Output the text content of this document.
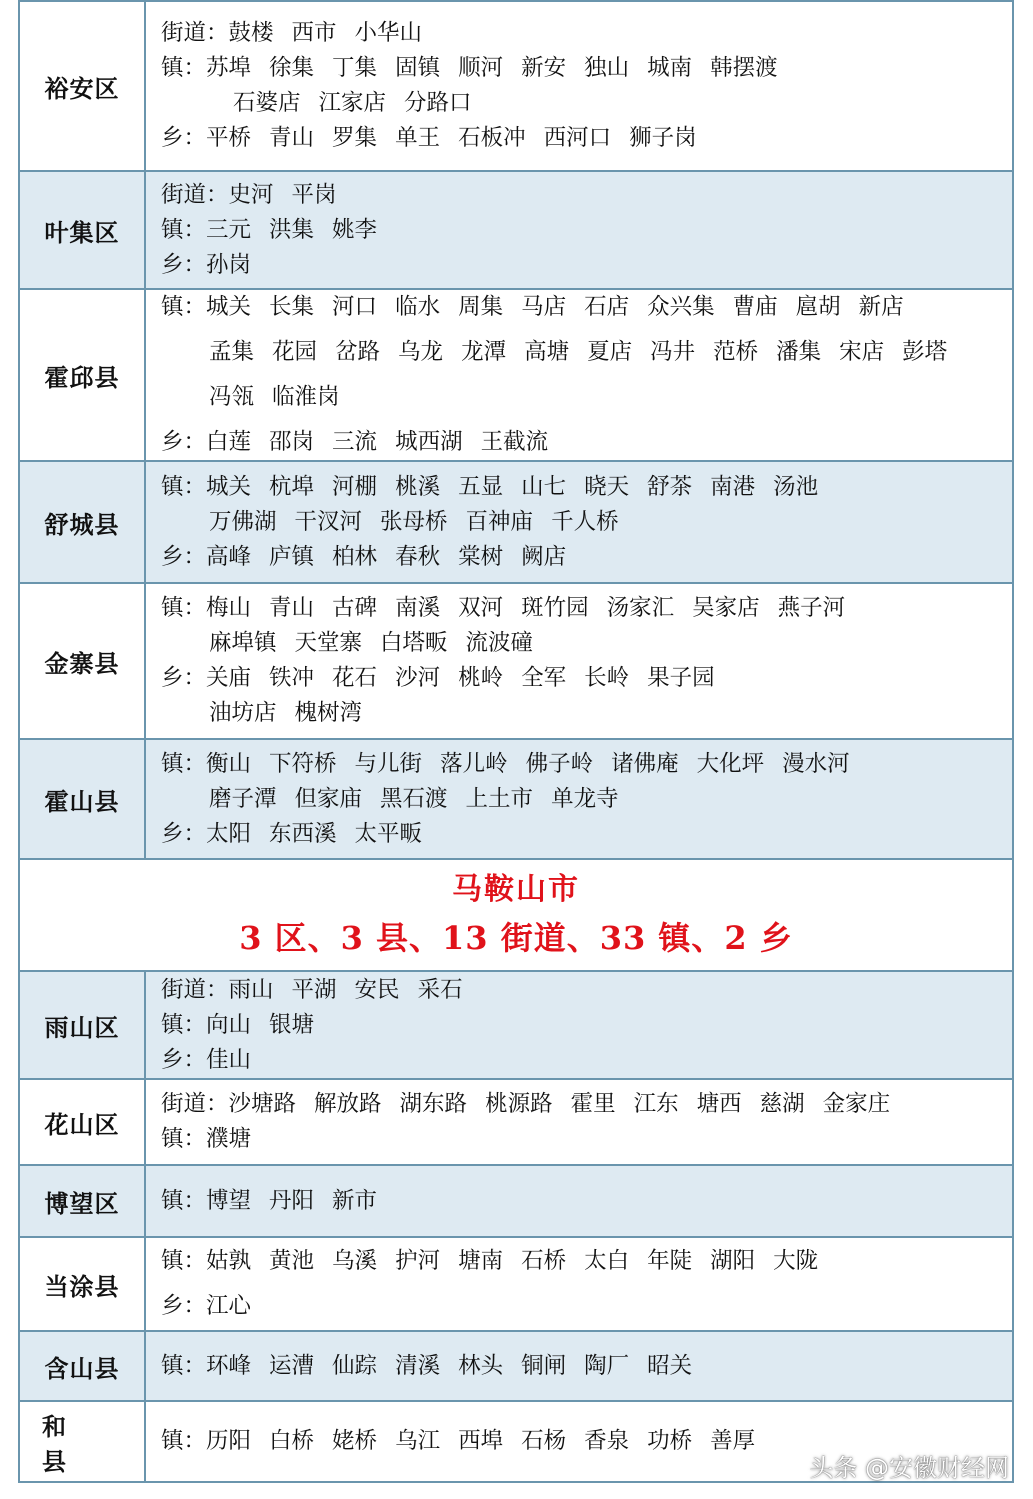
裕安区
街道： 鼓楼 西市 小华山
镇： 苏埠 徐集 丁集 固镇 顺河 新安 独山 城南 韩摆渡
石婆店 江家店 分路口
乡： 平桥 青山 罗集 单王 石板冲 西河口 狮子岗
叶集区
街道： 史河 平岗
镇： 三元 洪集 姚李
乡： 孙岗
霍邱县
镇： 城关 长集 河口 临水 周集 马店 石店 众兴集 曹庙 扈胡 新店
孟集 花园 岔路 乌龙 龙潭 高塘 夏店 冯井 范桥 潘集 宋店 彭塔
冯瓴 临淮岗
乡： 白莲 邵岗 三流 城西湖 王截流
舒城县
镇： 城关 杭埠 河棚 桃溪 五显 山七 晓天 舒茶 南港 汤池
万佛湖 干汊河 张母桥 百神庙 千人桥
乡： 高峰 庐镇 柏林 春秋 棠树 阙店
金寨县
镇： 梅山 青山 古碑 南溪 双河 斑竹园 汤家汇 吴家店 燕子河
麻埠镇 天堂寨 白塔畈 流波䃥
乡： 关庙 铁冲 花石 沙河 桃岭 全军 长岭 果子园
油坊店 槐树湾
霍山县
镇： 衡山 下符桥 与儿街 落儿岭 佛子岭 诸佛庵 大化坪 漫水河
磨子潭 但家庙 黑石渡 上土市 单龙寺
乡： 太阳 东西溪 太平畈
马鞍山市
3 区、3 县、13 街道、33 镇、2 乡
雨山区
街道： 雨山 平湖 安民 采石
镇： 向山 银塘
乡： 佳山
花山区
街道： 沙塘路 解放路 湖东路 桃源路 霍里 江东 塘西 慈湖 金家庄
镇： 濮塘
博望区	镇： 博望 丹阳 新市
当涂县
镇： 姑孰 黄池 乌溪 护河 塘南 石桥 太白 年陡 湖阳 大陇
乡： 江心
含山县	镇： 环峰 运漕 仙踪 清溪 林头 铜闸 陶厂 昭关
和 县
镇： 历阳 白桥 姥桥 乌江 西埠 石杨 香泉 功桥 善厚
头条 @安徽财经网
